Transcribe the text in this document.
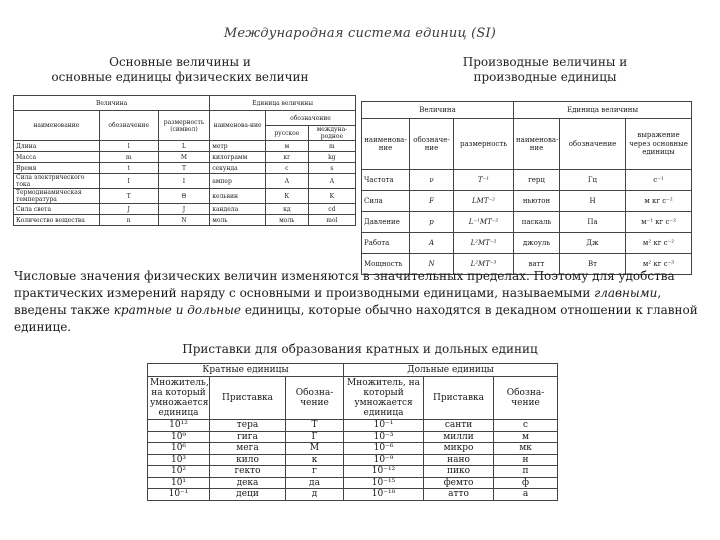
Международная система единиц (SI)
Основные величины и
основные единицы физических величин
Производные величины и
производные единицы
Величина			Единица величины		
наименование	обозначение	размерность (символ)	наименова-ние	обозначение	
				русское	междуна-родное
Длина	l	L	метр	м	m
Масса	m	M	килограмм	кг	kg
Время	t	T	секунда	с	s
Сила электрического тока	I	I	ампер	А	A
Термодинамическая температура	T	Θ	кельвин	К	K
Сила света	J	J	кандела	кд	cd
Количество вещества	n	N	моль	моль	mol
Величина			Единица величины		
наименова-ние	обозначе-ние	размерность	наименова-ние	обозначение	выражение через основные единицы
Частота	ν	T⁻¹	герц	Гц	с⁻¹
Сила	F	LMT⁻²	ньютон	Н	м кг с⁻²
Давление	p	L⁻¹MT⁻²	паскаль	Па	м⁻¹ кг с⁻²
Работа	A	L²MT⁻²	джоуль	Дж	м² кг с⁻²
Мощность	N	L²MT⁻³	ватт	Вт	м² кг с⁻³
Числовые значения физических величин изменяются в значительных пределах. Поэтому для удобства практических измерений наряду с основными и производными единицами, называемыми главными, введены также кратные и дольные единицы, которые обычно находятся в декадном отношении к главной единице.
Приставки для образования кратных и дольных единиц
Кратные единицы			Дольные единицы		
Множитель, на который умножается единица	Приставка	Обозна-чение	Множитель, на который умножается единица	Приставка	Обозна-чение
10¹²	тера	Т	10⁻¹	санти	с
10⁹	гига	Г	10⁻³	милли	м
10⁶	мега	М	10⁻⁶	микро	мк
10³	кило	к	10⁻⁹	нано	н
10²	гекто	г	10⁻¹²	пико	п
10¹	дека	да	10⁻¹⁵	фемто	ф
10⁻¹	деци	д	10⁻¹⁸	атто	а
